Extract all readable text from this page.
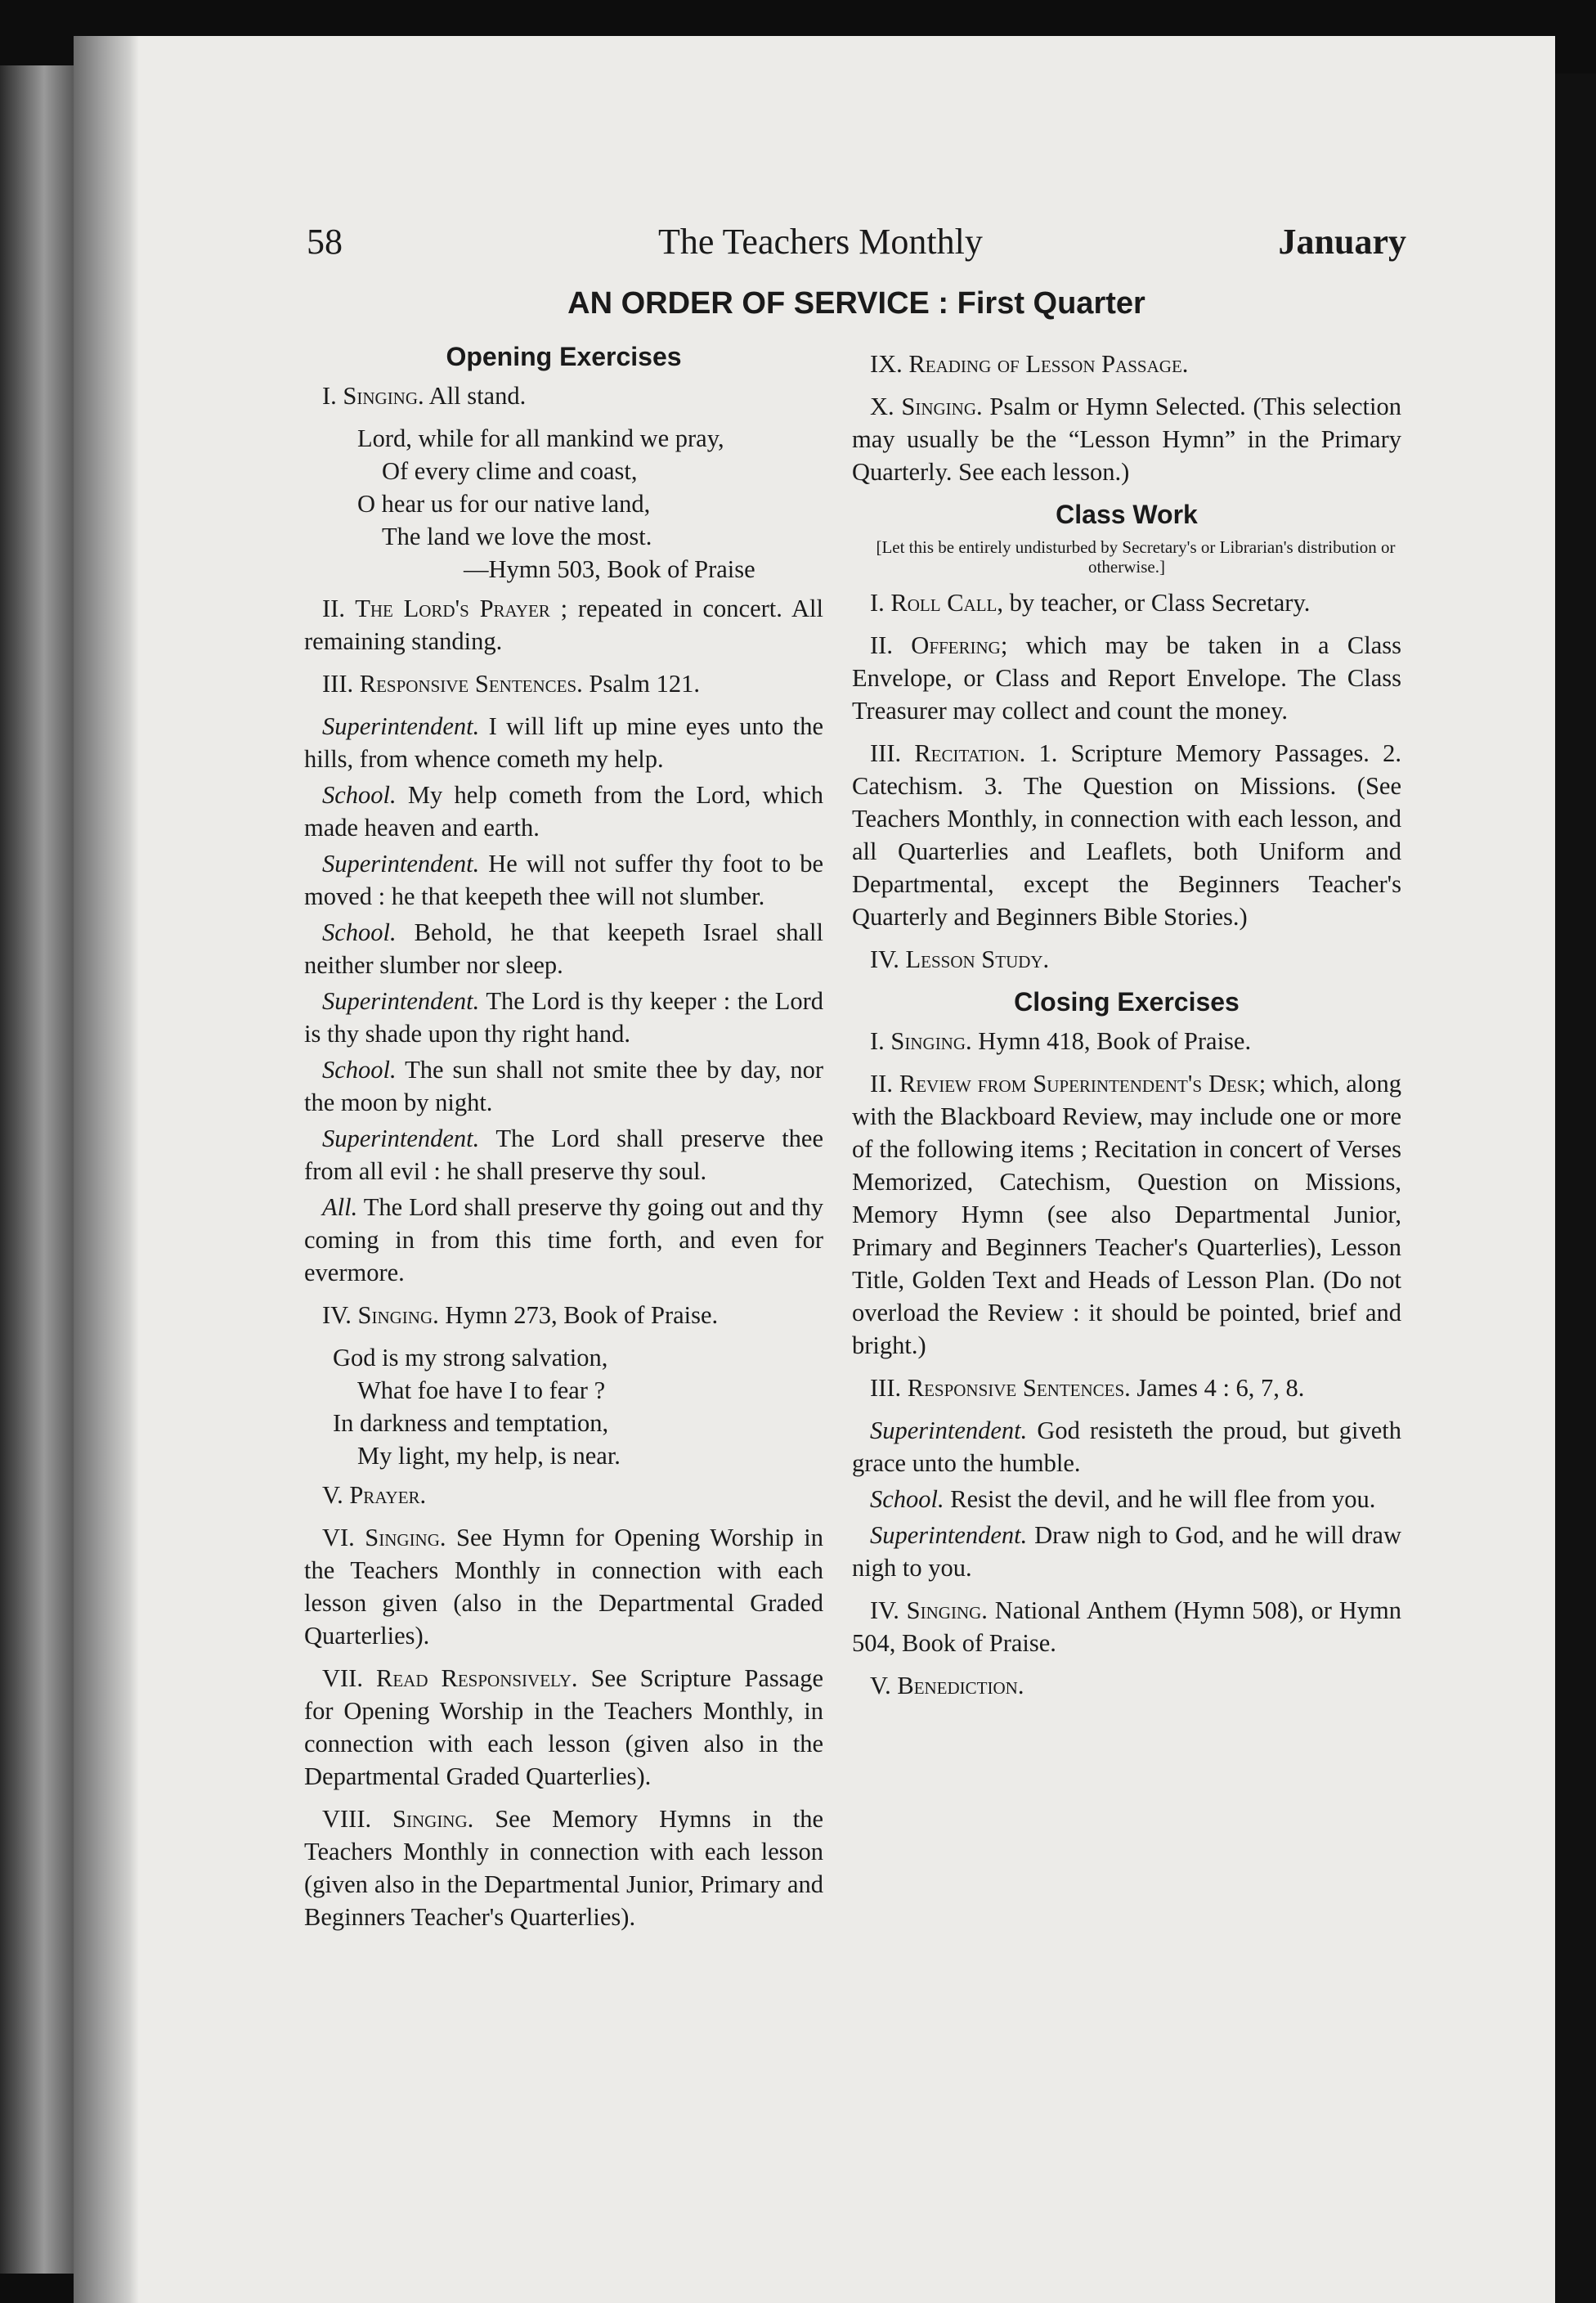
58	The Teachers Monthly	January
AN ORDER OF SERVICE : First Quarter
Opening Exercises

I. Singing. All stand.

Lord, while for all mankind we pray,
Of every clime and coast,
O hear us for our native land,
The land we love the most.
—Hymn 503, Book of Praise

II. The Lord's Prayer ; repeated in concert. All remaining standing.

III. Responsive Sentences. Psalm 121.

Superintendent. I will lift up mine eyes unto the hills, from whence cometh my help.

School. My help cometh from the Lord, which made heaven and earth.

Superintendent. He will not suffer thy foot to be moved : he that keepeth thee will not slumber.

School. Behold, he that keepeth Israel shall neither slumber nor sleep.

Superintendent. The Lord is thy keeper : the Lord is thy shade upon thy right hand.

School. The sun shall not smite thee by day, nor the moon by night.

Superintendent. The Lord shall preserve thee from all evil : he shall preserve thy soul.

All. The Lord shall preserve thy going out and thy coming in from this time forth, and even for evermore.

IV. Singing. Hymn 273, Book of Praise.

God is my strong salvation,
What foe have I to fear ?
In darkness and temptation,
My light, my help, is near.

V. Prayer.

VI. Singing. See Hymn for Opening Worship in the Teachers Monthly in connection with each lesson given (also in the Departmental Graded Quarterlies).

VII. Read Responsively. See Scripture Passage for Opening Worship in the Teachers Monthly, in connection with each lesson (given also in the Departmental Graded Quarterlies).

VIII. Singing. See Memory Hymns in the Teachers Monthly in connection with each lesson (given also in the Departmental Junior, Primary and Beginners Teacher's Quarterlies).

IX. Reading of Lesson Passage.

X. Singing. Psalm or Hymn Selected. (This selection may usually be the “Lesson Hymn” in the Primary Quarterly. See each lesson.)

Class Work

[Let this be entirely undisturbed by Secretary's or Librarian's distribution or otherwise.]

I. Roll Call, by teacher, or Class Secretary.

II. Offering; which may be taken in a Class Envelope, or Class and Report Envelope. The Class Treasurer may collect and count the money.

III. Recitation. 1. Scripture Memory Passages. 2. Catechism. 3. The Question on Missions. (See Teachers Monthly, in connection with each lesson, and all Quarterlies and Leaflets, both Uniform and Departmental, except the Beginners Teacher's Quarterly and Beginners Bible Stories.)

IV. Lesson Study.

Closing Exercises

I. Singing. Hymn 418, Book of Praise.

II. Review from Superintendent's Desk; which, along with the Blackboard Review, may include one or more of the following items ; Recitation in concert of Verses Memorized, Catechism, Question on Missions, Memory Hymn (see also Departmental Junior, Primary and Beginners Teacher's Quarterlies), Lesson Title, Golden Text and Heads of Lesson Plan. (Do not overload the Review : it should be pointed, brief and bright.)

III. Responsive Sentences. James 4 : 6, 7, 8.

Superintendent. God resisteth the proud, but giveth grace unto the humble.

School. Resist the devil, and he will flee from you.

Superintendent. Draw nigh to God, and he will draw nigh to you.

IV. Singing. National Anthem (Hymn 508), or Hymn 504, Book of Praise.

V. Benediction.
